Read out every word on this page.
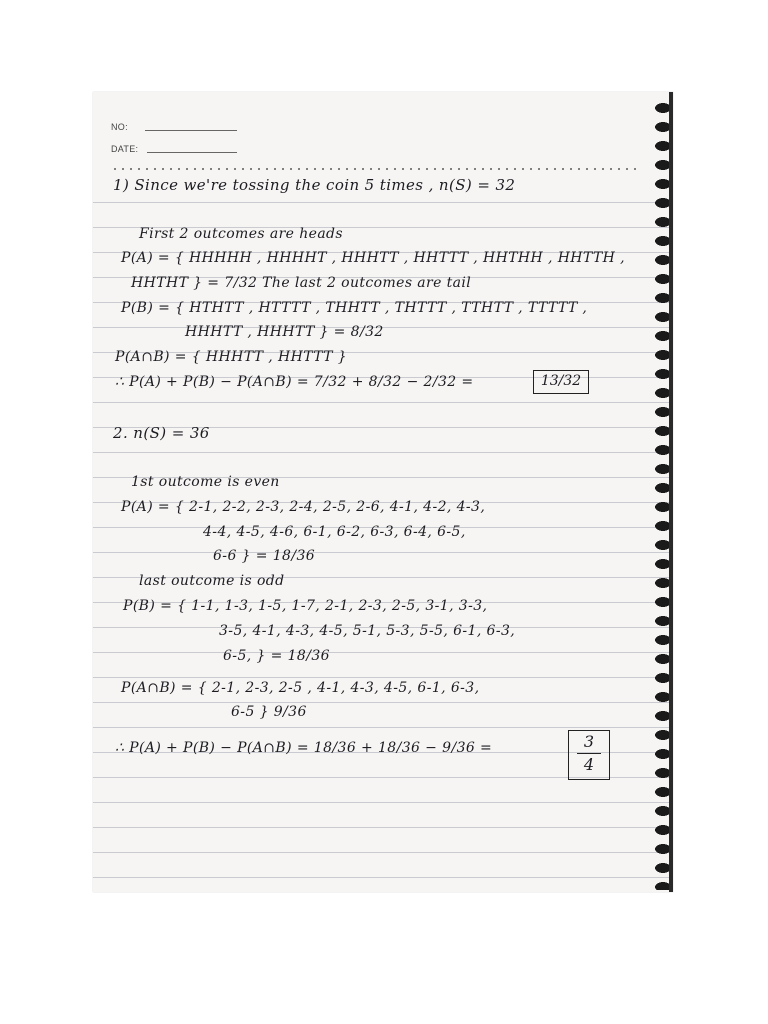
NO:
DATE:
1) Since we're tossing the coin 5 times , n(S) = 32
First 2 outcomes are heads
P(A) = { HHHHH , HHHHT , HHHTT , HHTTT , HHTHH , HHTTH ,
HHTHT } = 7/32 The last 2 outcomes are tail
P(B) = { HTHTT , HTTTT , THHTT , THTTT , TTHTT , TTTTT ,
HHHTT , HHHTT } = 8/32
P(A∩B) = { HHHTT , HHTTT }
∴ P(A) + P(B) − P(A∩B) = 7/32 + 8/32 − 2/32 =	13/32
2. n(S) = 36
1st outcome is even
P(A) = { 2-1, 2-2, 2-3, 2-4, 2-5, 2-6, 4-1, 4-2, 4-3,
4-4, 4-5, 4-6, 6-1, 6-2, 6-3, 6-4, 6-5,
6-6 } = 18/36
last outcome is odd
P(B) = { 1-1, 1-3, 1-5, 1-7, 2-1, 2-3, 2-5, 3-1, 3-3,
3-5, 4-1, 4-3, 4-5, 5-1, 5-3, 5-5, 6-1, 6-3,
6-5, } = 18/36
P(A∩B) = { 2-1, 2-3, 2-5 , 4-1, 4-3, 4-5, 6-1, 6-3,
6-5 } 9/36
∴ P(A) + P(B) − P(A∩B) = 18/36 + 18/36 − 9/36 =	$\frac{3}{4}$
